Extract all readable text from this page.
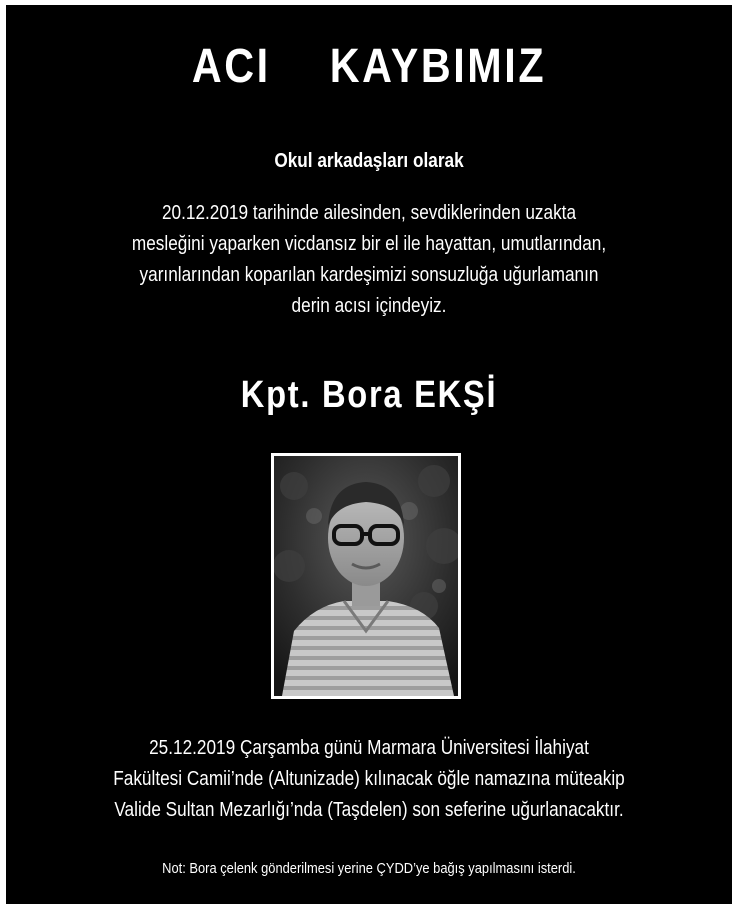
ACI  KAYBIMIZ
Okul arkadaşları olarak
20.12.2019 tarihinde ailesinden, sevdiklerinden uzakta
mesleğini yaparken vicdansız bir el ile hayattan, umutlarından,
yarınlarından koparılan kardeşimizi sonsuzluğa uğurlamanın
derin acısı içindeyiz.
Kpt. Bora EKŞİ
25.12.2019 Çarşamba günü Marmara Üniversitesi İlahiyat
Fakültesi Camii’nde (Altunizade) kılınacak öğle namazına müteakip
Valide Sultan Mezarlığı’nda (Taşdelen) son seferine uğurlanacaktır.
Not: Bora çelenk gönderilmesi yerine ÇYDD’ye bağış yapılmasını isterdi.
